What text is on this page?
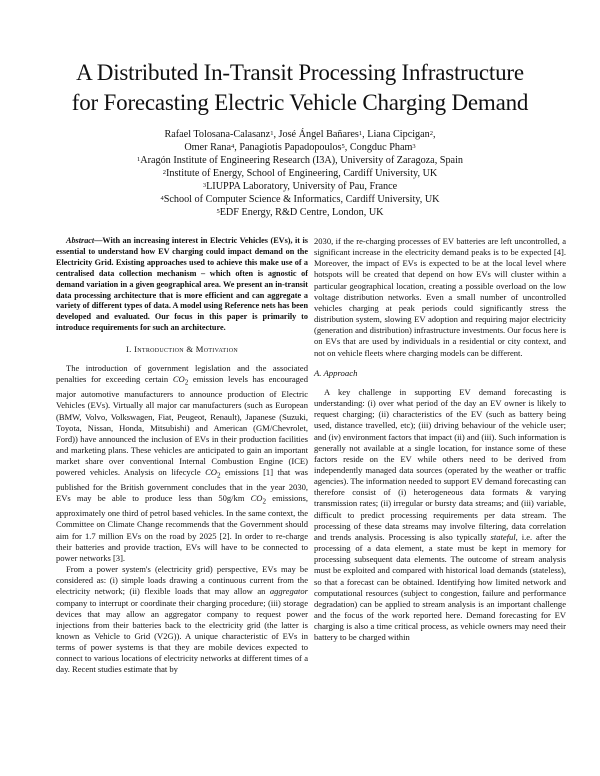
A Distributed In-Transit Processing Infrastructure
for Forecasting Electric Vehicle Charging Demand
Rafael Tolosana-Calasanz$^1$, José Ángel Bañares$^1$, Liana Cipcigan$^2$,
Omer Rana$^4$, Panagiotis Papadopoulos$^5$, Congduc Pham$^3$
$^1$Aragón Institute of Engineering Research (I3A), University of Zaragoza, Spain
$^2$Institute of Energy, School of Engineering, Cardiff University, UK
$^3$LIUPPA Laboratory, University of Pau, France
$^4$School of Computer Science & Informatics, Cardiff University, UK
$^5$EDF Energy, R&D Centre, London, UK

Abstract—With an increasing interest in Electric Vehicles (EVs), it is essential to understand how EV charging could impact demand on the Electricity Grid. Existing approaches used to achieve this make use of a centralised data collection mechanism – which often is agnostic of demand variation in a given geographical area. We present an in-transit data processing architecture that is more efficient and can aggregate a variety of different types of data. A model using Reference nets has been developed and evaluated. Our focus in this paper is primarily to introduce requirements for such an architecture.

I. Introduction & Motivation

The introduction of government legislation and the associated penalties for exceeding certain $CO_2$ emission levels has encouraged major automotive manufacturers to announce production of Electric Vehicles (EVs). Virtually all major car manufacturers (such as European (BMW, Volvo, Volkswagen, Fiat, Peugeot, Renault), Japanese (Suzuki, Toyota, Nissan, Honda, Mitsubishi) and American (GM/Chevrolet, Ford)) have announced the inclusion of EVs in their production facilities and marketing plans. These vehicles are anticipated to gain an important market share over conventional Internal Combustion Engine (ICE) powered vehicles. Analysis on lifecycle $CO_2$ emissions [1] that was published for the British government concludes that in the year 2030, EVs may be able to produce less than 50g/km $CO_2$ emissions, approximately one third of petrol based vehicles. In the same context, the Committee on Climate Change recommends that the Government should aim for 1.7 million EVs on the road by 2025 [2]. In order to re-charge their batteries and provide traction, EVs will have to be connected to power networks [3].

From a power system's (electricity grid) perspective, EVs may be considered as: (i) simple loads drawing a continuous current from the electricity network; (ii) flexible loads that may allow an aggregator company to interrupt or coordinate their charging procedure; (iii) storage devices that may allow an aggregator company to request power injections from their batteries back to the electricity grid (the latter is known as Vehicle to Grid (V2G)). A unique characteristic of EVs in terms of power systems is that they are mobile devices expected to connect to various locations of electricity networks at different times of a day. Recent studies estimate that by

2030, if the re-charging processes of EV batteries are left uncontrolled, a significant increase in the electricity demand peaks is to be expected [4]. Moreover, the impact of EVs is expected to be at the local level where hotspots will be created that depend on how EVs will cluster within a particular geographical location, creating a possible overload on the low voltage distribution networks. Even a small number of uncontrolled vehicles charging at peak periods could significantly stress the distribution system, slowing EV adoption and requiring major electricity (generation and distribution) infrastructure investments. Our focus here is on EVs that are used by individuals in a residential or city context, and not on vehicle fleets where charging models can be different.

A. Approach

A key challenge in supporting EV demand forecasting is understanding: (i) over what period of the day an EV owner is likely to request charging; (ii) characteristics of the EV (such as battery being used, distance travelled, etc); (iii) driving behaviour of the vehicle user; and (iv) environment factors that impact (ii) and (iii). Such information is generally not available at a single location, for instance some of these factors reside on the EV while others need to be derived from independently managed data sources (operated by the weather or traffic agencies). The information needed to support EV demand forecasting can therefore consist of (i) heterogeneous data formats & varying transmission rates; (ii) irregular or bursty data streams; and (iii) variable, difficult to predict processing requirements per data stream. The processing of these data streams may involve filtering, data correlation and trends analysis. Processing is also typically stateful, i.e. after the processing of a data element, a state must be kept in memory for processing subsequent data elements. The outcome of stream analysis must be exploited and compared with historical load demands (stateless), so that a forecast can be obtained. Identifying how limited network and computational resources (subject to congestion, failure and performance degradation) can be applied to stream analysis is an important challenge and the focus of the work reported here. Demand forecasting for EV charging is also a time critical process, as vehicle owners may need their battery to be charged within
